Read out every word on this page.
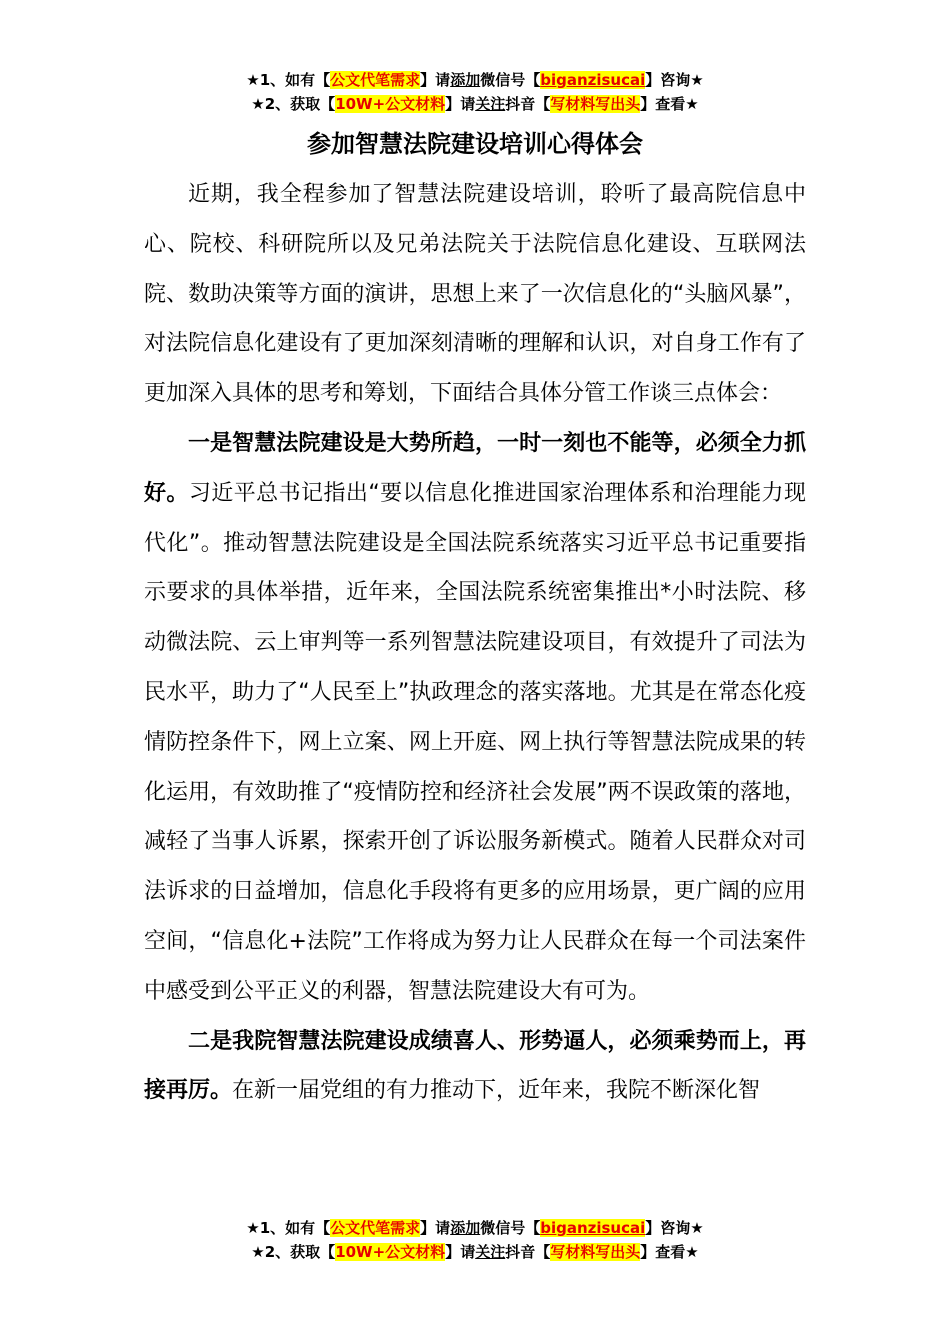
★1、如有【公文代笔需求】请添加微信号【biganzisucai】咨询★
★2、获取【10W+公文材料】请关注抖音【写材料写出头】查看★
参加智慧法院建设培训心得体会

近期，我全程参加了智慧法院建设培训，聆听了最高院信息中心、院校、科研院所以及兄弟法院关于法院信息化建设、互联网法院、数助决策等方面的演讲，思想上来了一次信息化的“头脑风暴”，对法院信息化建设有了更加深刻清晰的理解和认识，对自身工作有了更加深入具体的思考和筹划，下面结合具体分管工作谈三点体会：

一是智慧法院建设是大势所趋，一时一刻也不能等，必须全力抓好。习近平总书记指出“要以信息化推进国家治理体系和治理能力现代化”。推动智慧法院建设是全国法院系统落实习近平总书记重要指示要求的具体举措，近年来，全国法院系统密集推出*小时法院、移动微法院、云上审判等一系列智慧法院建设项目，有效提升了司法为民水平，助力了“人民至上”执政理念的落实落地。尤其是在常态化疫情防控条件下，网上立案、网上开庭、网上执行等智慧法院成果的转化运用，有效助推了“疫情防控和经济社会发展”两不误政策的落地，减轻了当事人诉累，探索开创了诉讼服务新模式。随着人民群众对司法诉求的日益增加，信息化手段将有更多的应用场景，更广阔的应用空间，“信息化+法院”工作将成为努力让人民群众在每一个司法案件中感受到公平正义的利器，智慧法院建设大有可为。

二是我院智慧法院建设成绩喜人、形势逼人，必须乘势而上，再接再厉。在新一届党组的有力推动下，近年来，我院不断深化智

★1、如有【公文代笔需求】请添加微信号【biganzisucai】咨询★
★2、获取【10W+公文材料】请关注抖音【写材料写出头】查看★
